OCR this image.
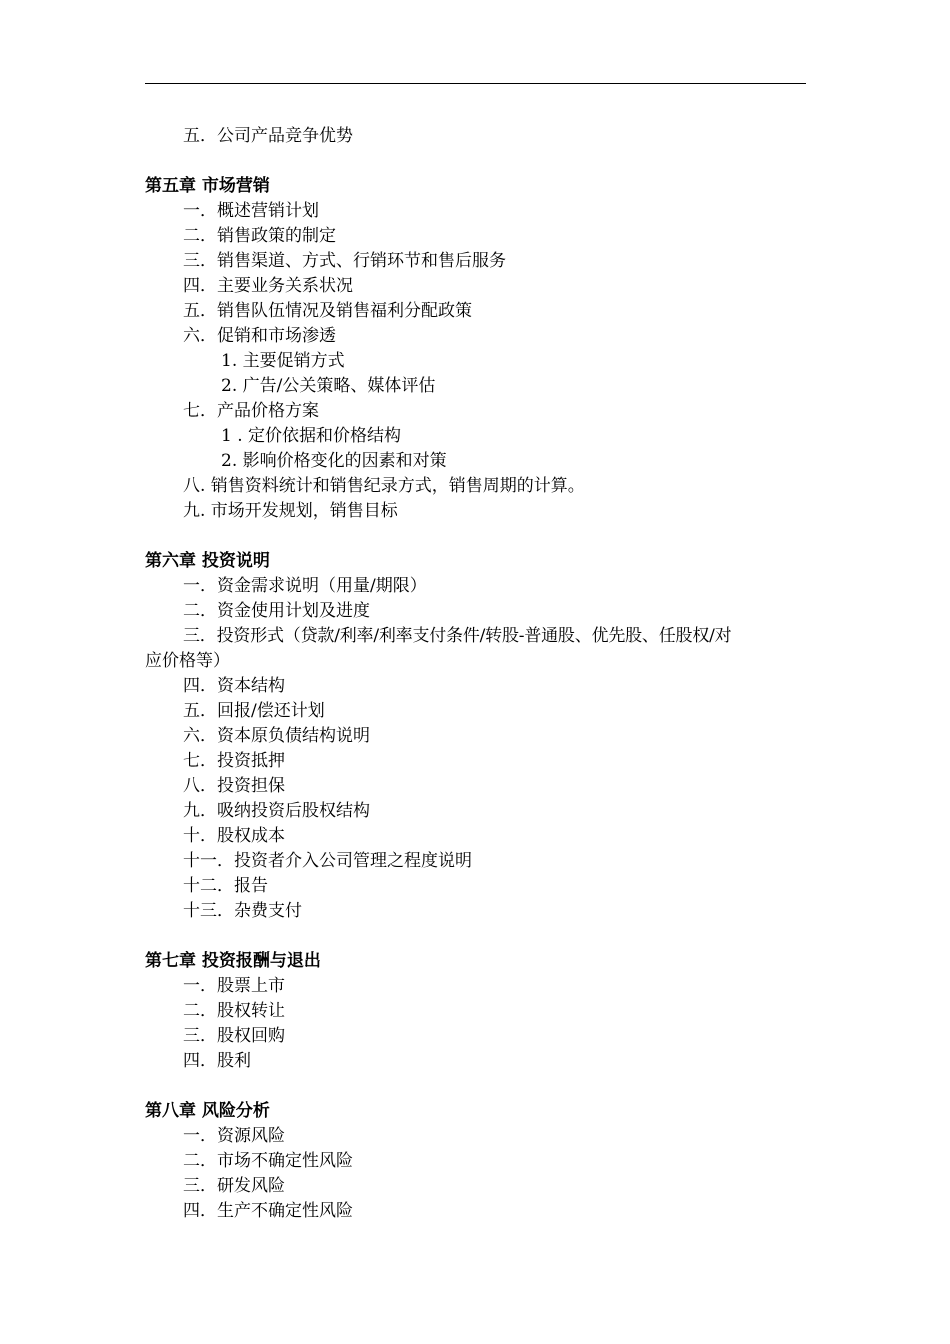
五．公司产品竞争优势
第五章 市场营销
一．概述营销计划
二．销售政策的制定
三．销售渠道、方式、行销环节和售后服务
四．主要业务关系状况
五．销售队伍情况及销售福利分配政策
六．促销和市场渗透
1. 主要促销方式
2. 广告/公关策略、媒体评估
七．产品价格方案
1 . 定价依据和价格结构
2. 影响价格变化的因素和对策
八. 销售资料统计和销售纪录方式，销售周期的计算。
九. 市场开发规划，销售目标
第六章 投资说明
一．资金需求说明（用量/期限）
二．资金使用计划及进度
三．投资形式（贷款/利率/利率支付条件/转股-普通股、优先股、任股权/对
应价格等）
四．资本结构
五．回报/偿还计划
六．资本原负债结构说明
七．投资抵押
八．投资担保
九．吸纳投资后股权结构
十．股权成本
十一．投资者介入公司管理之程度说明
十二．报告
十三．杂费支付
第七章 投资报酬与退出
一．股票上市
二．股权转让
三．股权回购
四．股利
第八章 风险分析
一．资源风险
二．市场不确定性风险
三．研发风险
四．生产不确定性风险
